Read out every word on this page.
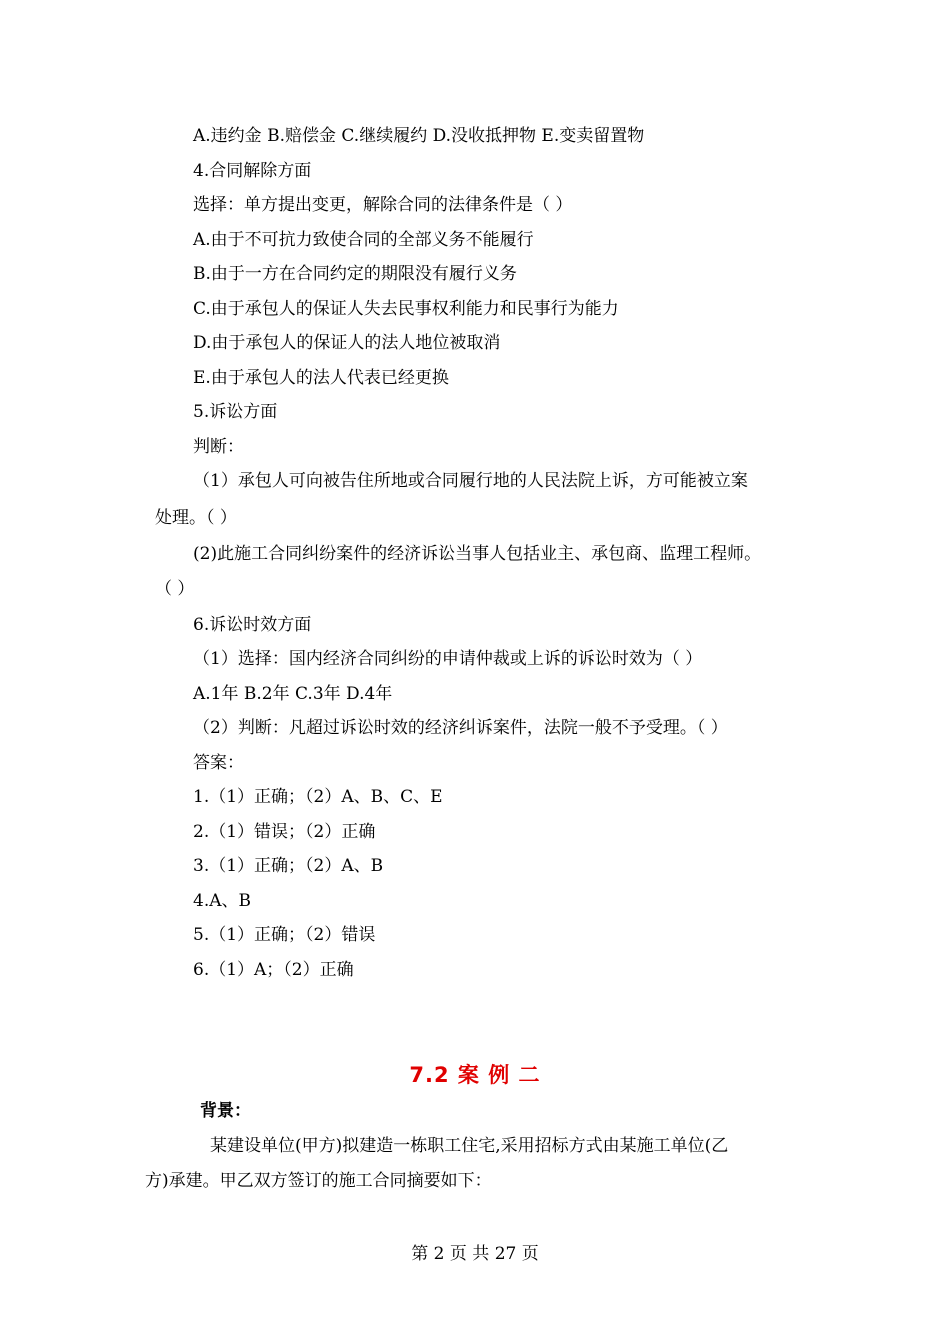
A.违约金 B.赔偿金 C.继续履约 D.没收抵押物 E.变卖留置物
4.合同解除方面
选择：单方提出变更，解除合同的法律条件是（ ）
A.由于不可抗力致使合同的全部义务不能履行
B.由于一方在合同约定的期限没有履行义务
C.由于承包人的保证人失去民事权利能力和民事行为能力
D.由于承包人的保证人的法人地位被取消
E.由于承包人的法人代表已经更换
5.诉讼方面
判断：
（1）承包人可向被告住所地或合同履行地的人民法院上诉，方可能被立案
处理。（ ）
(2)此施工合同纠纷案件的经济诉讼当事人包括业主、承包商、监理工程师。
（ ）
6.诉讼时效方面
（1）选择：国内经济合同纠纷的申请仲裁或上诉的诉讼时效为（ ）
A.1年 B.2年 C.3年 D.4年
（2）判断：凡超过诉讼时效的经济纠诉案件，法院一般不予受理。（ ）
答案：
1.（1）正确；（2）A、B、C、E
2.（1）错误；（2）正确
3.（1）正确；（2）A、B
4.A、B
5.（1）正确；（2）错误
6.（1）A；（2）正确
7.2 案 例 二
背景：
某建设单位(甲方)拟建造一栋职工住宅,采用招标方式由某施工单位(乙
方)承建。甲乙双方签订的施工合同摘要如下：
第 2 页 共 27 页
